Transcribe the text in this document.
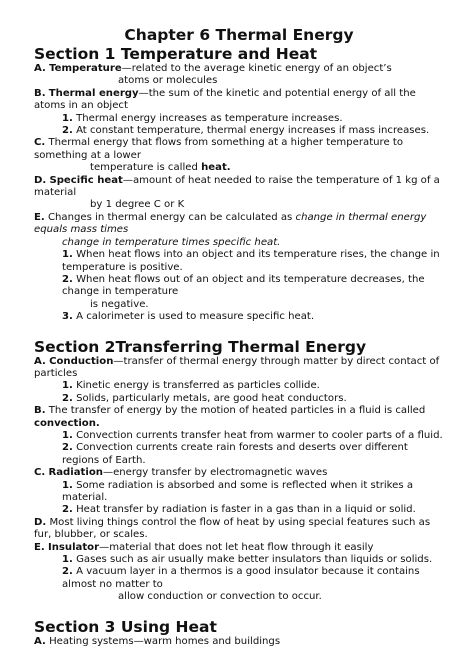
Chapter 6 Thermal Energy
Section 1 Temperature and Heat

A. Temperature—related to the average kinetic energy of an object’s

atoms or molecules

B. Thermal energy—the sum of the kinetic and potential energy of all the atoms in an object

1. Thermal energy increases as temperature increases.

2. At constant temperature, thermal energy increases if mass increases.

C. Thermal energy that flows from something at a higher temperature to something at a lower

temperature is called heat.

D. Specific heat—amount of heat needed to raise the temperature of 1 kg of a material

by 1 degree C or K

E. Changes in thermal energy can be calculated as change in thermal energy equals mass times

change in temperature times specific heat.

1. When heat flows into an object and its temperature rises, the change in temperature is positive.

2. When heat flows out of an object and its temperature decreases, the change in temperature

is negative.

3. A calorimeter is used to measure specific heat.

Section 2Transferring Thermal Energy

A. Conduction—transfer of thermal energy through matter by direct contact of particles

1. Kinetic energy is transferred as particles collide.

2. Solids, particularly metals, are good heat conductors.

B. The transfer of energy by the motion of heated particles in a fluid is called

convection.

1. Convection currents transfer heat from warmer to cooler parts of a fluid.

2. Convection currents create rain forests and deserts over different regions of Earth.

C. Radiation—energy transfer by electromagnetic waves

1. Some radiation is absorbed and some is reflected when it strikes a material.

2. Heat transfer by radiation is faster in a gas than in a liquid or solid.

D. Most living things control the flow of heat by using special features such as fur, blubber, or scales.

E. Insulator—material that does not let heat flow through it easily

1. Gases such as air usually make better insulators than liquids or solids.

2. A vacuum layer in a thermos is a good insulator because it contains almost no matter to

allow conduction or convection to occur.

Section 3 Using Heat

A. Heating systems—warm homes and buildings
